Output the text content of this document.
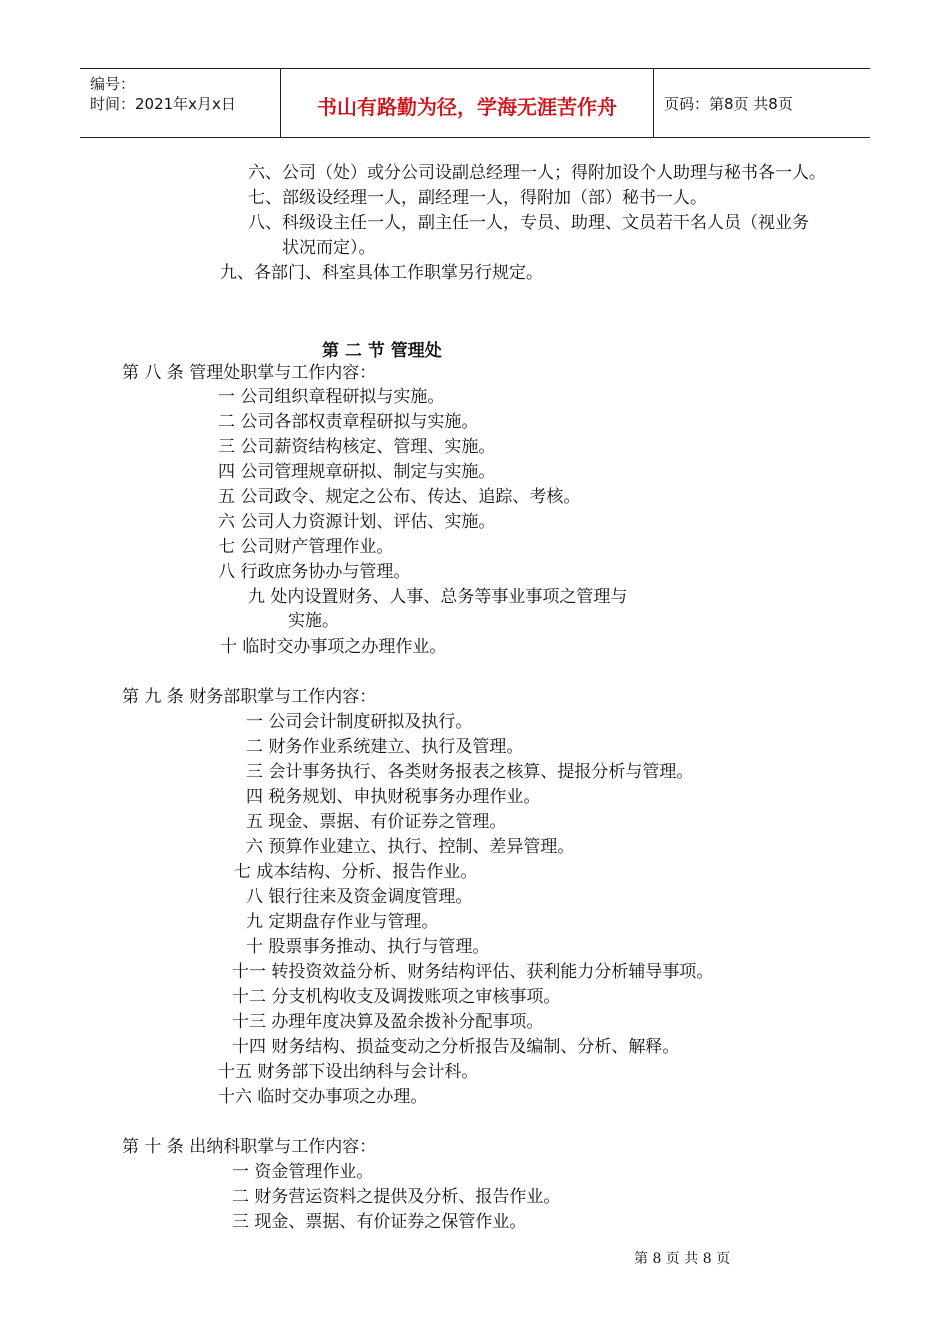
编号：
时间：2021年x月x日	书山有路勤为径，学海无涯苦作舟	页码：第8页 共8页
六、公司（处）或分公司设副总经理一人；得附加设个人助理与秘书各一人。
七、部级设经理一人，副经理一人，得附加（部）秘书一人。
八、科级设主任一人，副主任一人，专员、助理、文员若干名人员（视业务
状况而定）。
九、各部门、科室具体工作职掌另行规定。
第 二 节 管理处
第 八 条 管理处职掌与工作内容：
一 公司组织章程研拟与实施。
二 公司各部权责章程研拟与实施。
三 公司薪资结构核定、管理、实施。
四 公司管理规章研拟、制定与实施。
五 公司政令、规定之公布、传达、追踪、考核。
六 公司人力资源计划、评估、实施。
七 公司财产管理作业。
八 行政庶务协办与管理。
九 处内设置财务、人事、总务等事业事项之管理与
实施。
十 临时交办事项之办理作业。
第 九 条 财务部职掌与工作内容：
一 公司会计制度研拟及执行。
二 财务作业系统建立、执行及管理。
三 会计事务执行、各类财务报表之核算、提报分析与管理。
四 税务规划、申执财税事务办理作业。
五 现金、票据、有价证券之管理。
六 预算作业建立、执行、控制、差异管理。
七 成本结构、分析、报告作业。
八 银行往来及资金调度管理。
九 定期盘存作业与管理。
十 股票事务推动、执行与管理。
十一 转投资效益分析、财务结构评估、获利能力分析辅导事项。
十二 分支机构收支及调拨账项之审核事项。
十三 办理年度决算及盈余拨补分配事项。
十四 财务结构、损益变动之分析报告及编制、分析、解释。
十五 财务部下设出纳科与会计科。
十六 临时交办事项之办理。
第 十 条 出纳科职掌与工作内容：
一 资金管理作业。
二 财务营运资料之提供及分析、报告作业。
三 现金、票据、有价证券之保管作业。
第 8 页 共 8 页
